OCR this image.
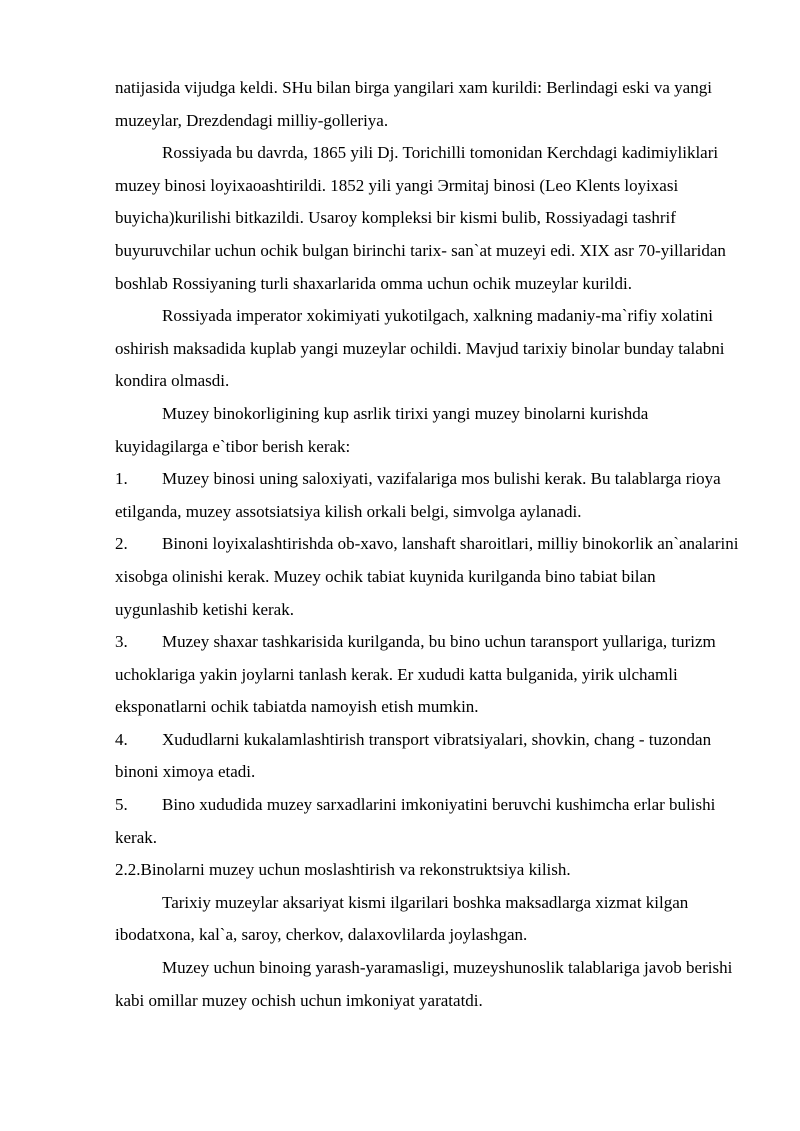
natijasida vijudga keldi. SHu bilan birga yangilari xam kurildi: Berlindagi eski va yangi muzeylar, Drezdendagi milliy-golleriya.

Rossiyada bu davrda, 1865 yili Dj. Torichilli tomonidan Kerchdagi kadimiyliklari muzey binosi loyixaoashtirildi. 1852 yili yangi Эrmitaj binosi (Leo Klents loyixasi buyicha)kurilishi bitkazildi. Usaroy kompleksi bir kismi bulib, Rossiyadagi tashrif buyuruvchilar uchun ochik bulgan birinchi tarix- san`at muzeyi edi. XIX asr 70-yillaridan boshlab Rossiyaning turli shaxarlarida omma uchun ochik muzeylar kurildi.

Rossiyada imperator xokimiyati yukotilgach, xalkning madaniy-ma`rifiy xolatini oshirish maksadida kuplab yangi muzeylar ochildi. Mavjud tarixiy binolar bunday talabni kondira olmasdi.

Muzey binokorligining kup asrlik tirixi yangi muzey binolarni kurishda kuyidagilarga e`tibor berish kerak:

1. Muzey binosi uning saloxiyati, vazifalariga mos bulishi kerak. Bu talablarga rioya etilganda, muzey assotsiatsiya kilish orkali belgi, simvolga aylanadi.

2. Binoni loyixalashtirishda ob-xavo, lanshaft sharoitlari, milliy binokorlik an`analarini xisobga olinishi kerak. Muzey ochik tabiat kuynida kurilganda bino tabiat bilan uygunlashib ketishi kerak.

3. Muzey shaxar tashkarisida kurilganda, bu bino uchun taransport yullariga, turizm uchoklariga yakin joylarni tanlash kerak. Er xududi katta bulganida, yirik ulchamli eksponatlarni ochik tabiatda namoyish etish mumkin.

4. Xududlarni kukalamlashtirish transport vibratsiyalari, shovkin, chang - tuzondan binoni ximoya etadi.

5. Bino xududida muzey sarxadlarini imkoniyatini beruvchi kushimcha erlar bulishi kerak.

2.2.Binolarni muzey uchun moslashtirish va rekonstruktsiya kilish.

Tarixiy muzeylar aksariyat kismi ilgarilari boshka maksadlarga xizmat kilgan ibodatxona, kal`a, saroy, cherkov, dalaxovlilarda joylashgan.

Muzey uchun binoing yarash-yaramasligi, muzeyshunoslik talablariga javob berishi kabi omillar muzey ochish uchun imkoniyat yaratatdi.
